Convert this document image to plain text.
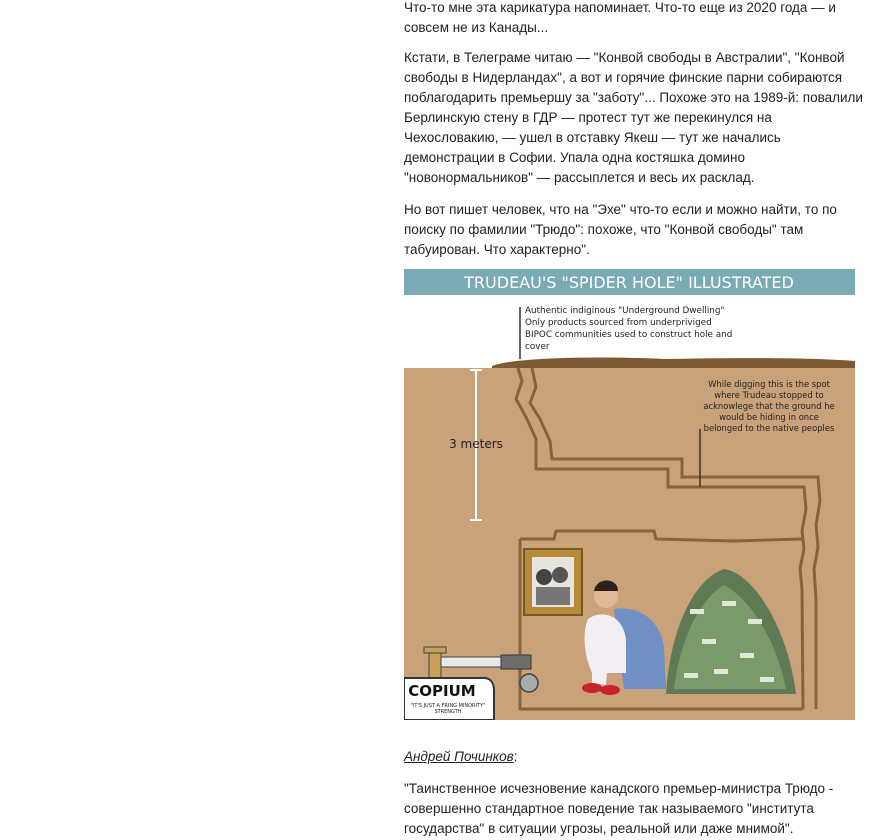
Что-то мне эта карикатура напоминает. Что-то еще из 2020 года — и совсем не из Канады...

Кстати, в Телеграме читаю — "Конвой свободы в Австралии", "Конвой свободы в Нидерландах", а вот и горячие финские парни собираются поблагодарить премьершу за "заботу"... Похоже это на 1989-й: повалили Берлинскую стену в ГДР — протест тут же перекинулся на Чехословакию, — ушел в отставку Якеш — тут же начались демонстрации в Софии. Упала одна костяшка домино "новонормальников" — рассыплется и весь их расклад.

Но вот пишет человек, что на "Эхе" что-то если и можно найти, то по поиску по фамилии "Трюдо": похоже, что "Конвой свободы" там табуирован. Что характерно".

TRUDEAU'S "SPIDER HOLE" ILLUSTRATED
Authentic indiginous "Underground Dwelling"
Only products sourced from underpriviged
BIPOC communities used to construct hole and
cover
3 meters
While digging this is the spot
where Trudeau stopped to
acknowlege that the ground he
would be hiding in once
belonged to the native peoples
COPIUM
"IT'S JUST A FRING MINORITY"
STRENGTH
Андрей Починков:

"Таинственное исчезновение канадского премьер-министра Трюдо - совершенно стандартное поведение так называемого "института государства" в ситуации угрозы, реальной или даже мнимой".
